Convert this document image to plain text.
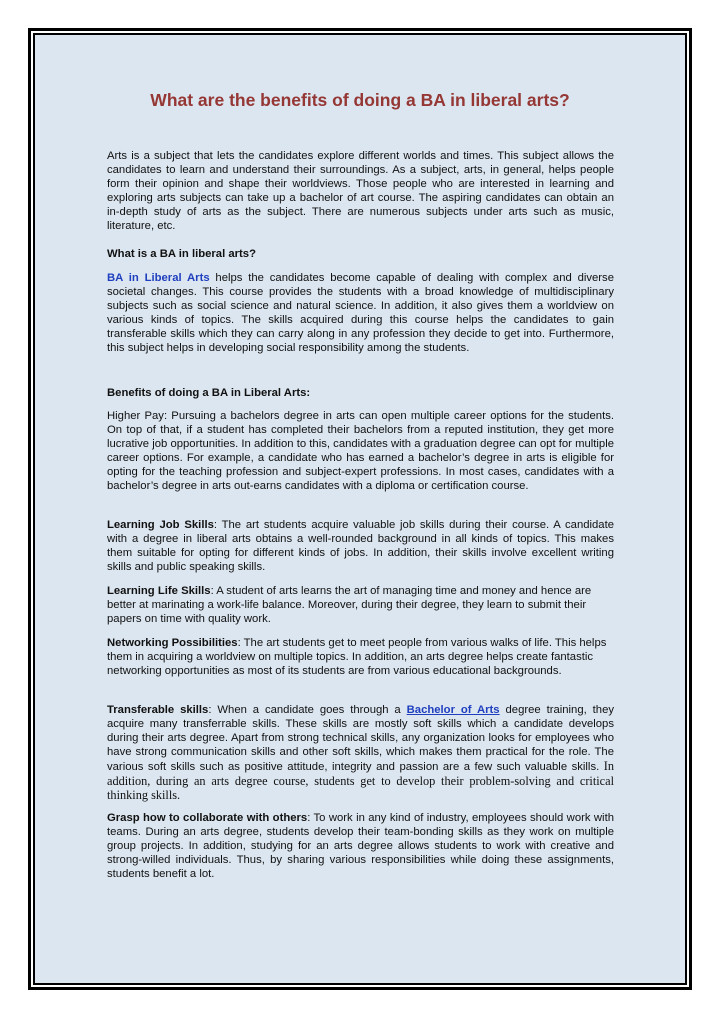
What are the benefits of doing a BA in liberal arts?

Arts is a subject that lets the candidates explore different worlds and times. This subject allows the candidates to learn and understand their surroundings. As a subject, arts, in general, helps people form their opinion and shape their worldviews. Those people who are interested in learning and exploring arts subjects can take up a bachelor of art course. The aspiring candidates can obtain an in-depth study of arts as the subject. There are numerous subjects under arts such as music, literature, etc.

What is a BA in liberal arts?

BA in Liberal Arts helps the candidates become capable of dealing with complex and diverse societal changes. This course provides the students with a broad knowledge of multidisciplinary subjects such as social science and natural science. In addition, it also gives them a worldview on various kinds of topics. The skills acquired during this course helps the candidates to gain transferable skills which they can carry along in any profession they decide to get into. Furthermore, this subject helps in developing social responsibility among the students.

Benefits of doing a BA in Liberal Arts:

Higher Pay: Pursuing a bachelors degree in arts can open multiple career options for the students. On top of that, if a student has completed their bachelors from a reputed institution, they get more lucrative job opportunities. In addition to this, candidates with a graduation degree can opt for multiple career options. For example, a candidate who has earned a bachelor’s degree in arts is eligible for opting for the teaching profession and subject-expert professions. In most cases, candidates with a bachelor’s degree in arts out-earns candidates with a diploma or certification course.

Learning Job Skills: The art students acquire valuable job skills during their course. A candidate with a degree in liberal arts obtains a well-rounded background in all kinds of topics. This makes them suitable for opting for different kinds of jobs. In addition, their skills involve excellent writing skills and public speaking skills.

Learning Life Skills: A student of arts learns the art of managing time and money and hence are better at marinating a work-life balance. Moreover, during their degree, they learn to submit their papers on time with quality work.

Networking Possibilities: The art students get to meet people from various walks of life. This helps them in acquiring a worldview on multiple topics. In addition, an arts degree helps create fantastic networking opportunities as most of its students are from various educational backgrounds.

Transferable skills: When a candidate goes through a Bachelor of Arts degree training, they acquire many transferrable skills. These skills are mostly soft skills which a candidate develops during their arts degree. Apart from strong technical skills, any organization looks for employees who have strong communication skills and other soft skills, which makes them practical for the role. The various soft skills such as positive attitude, integrity and passion are a few such valuable skills. In addition, during an arts degree course, students get to develop their problem-solving and critical thinking skills.

Grasp how to collaborate with others: To work in any kind of industry, employees should work with teams. During an arts degree, students develop their team-bonding skills as they work on multiple group projects. In addition, studying for an arts degree allows students to work with creative and strong-willed individuals. Thus, by sharing various responsibilities while doing these assignments, students benefit a lot.
